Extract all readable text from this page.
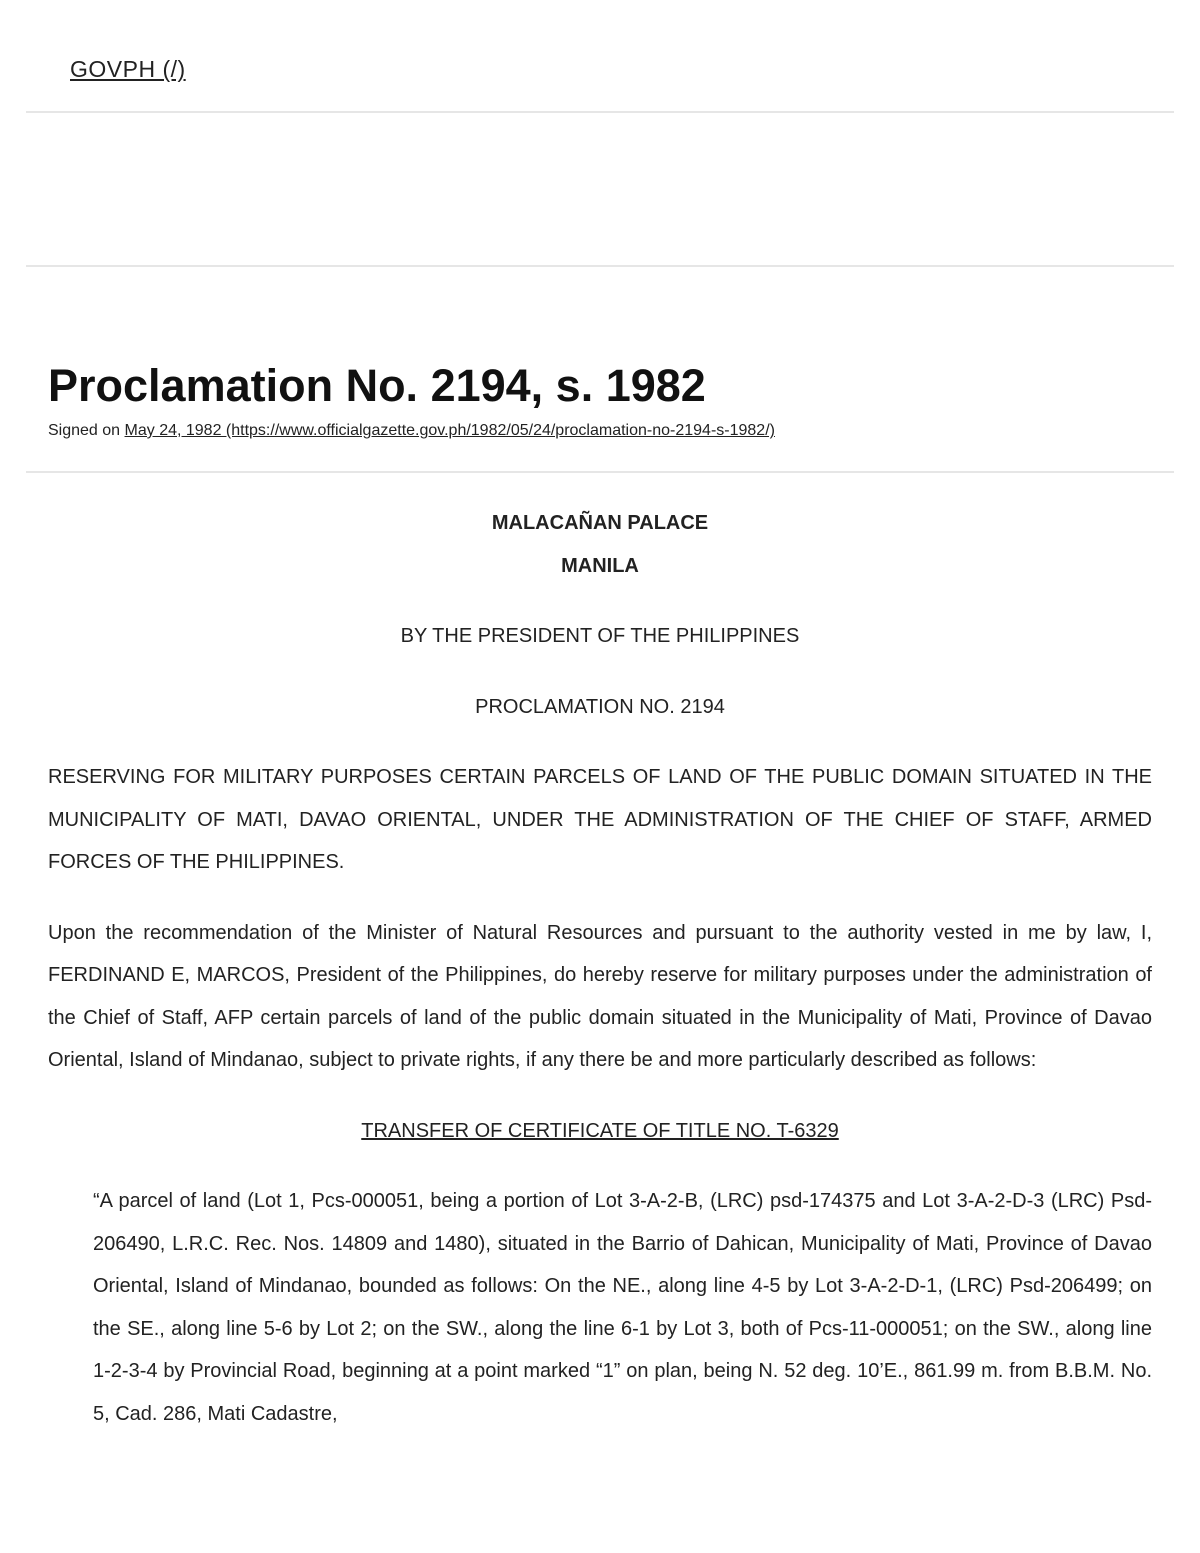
GOVPH (/)
Proclamation No. 2194, s. 1982
Signed on May 24, 1982 (https://www.officialgazette.gov.ph/1982/05/24/proclamation-no-2194-s-1982/)

MALACAÑAN PALACE

MANILA

BY THE PRESIDENT OF THE PHILIPPINES

PROCLAMATION NO. 2194

RESERVING FOR MILITARY PURPOSES CERTAIN PARCELS OF LAND OF THE PUBLIC DOMAIN SITUATED IN THE MUNICIPALITY OF MATI, DAVAO ORIENTAL, UNDER THE ADMINISTRATION OF THE CHIEF OF STAFF, ARMED FORCES OF THE PHILIPPINES.

Upon the recommendation of the Minister of Natural Resources and pursuant to the authority vested in me by law, I, FERDINAND E, MARCOS, President of the Philippines, do hereby reserve for military purposes under the administration of the Chief of Staff, AFP certain parcels of land of the public domain situated in the Municipality of Mati, Province of Davao Oriental, Island of Mindanao, subject to private rights, if any there be and more particularly described as follows:

TRANSFER OF CERTIFICATE OF TITLE NO. T-6329

“A parcel of land (Lot 1, Pcs-000051, being a portion of Lot 3-A-2-B, (LRC) psd-174375 and Lot 3-A-2-D-3 (LRC) Psd-206490, L.R.C. Rec. Nos. 14809 and 1480), situated in the Barrio of Dahican, Municipality of Mati, Province of Davao Oriental, Island of Mindanao, bounded as follows: On the NE., along line 4-5 by Lot 3-A-2-D-1, (LRC) Psd-206499; on the SE., along line 5-6 by Lot 2; on the SW., along the line 6-1 by Lot 3, both of Pcs-11-000051; on the SW., along line 1-2-3-4 by Provincial Road, beginning at a point marked “1” on plan, being N. 52 deg. 10’E., 861.99 m. from B.B.M. No. 5, Cad. 286, Mati Cadastre,
